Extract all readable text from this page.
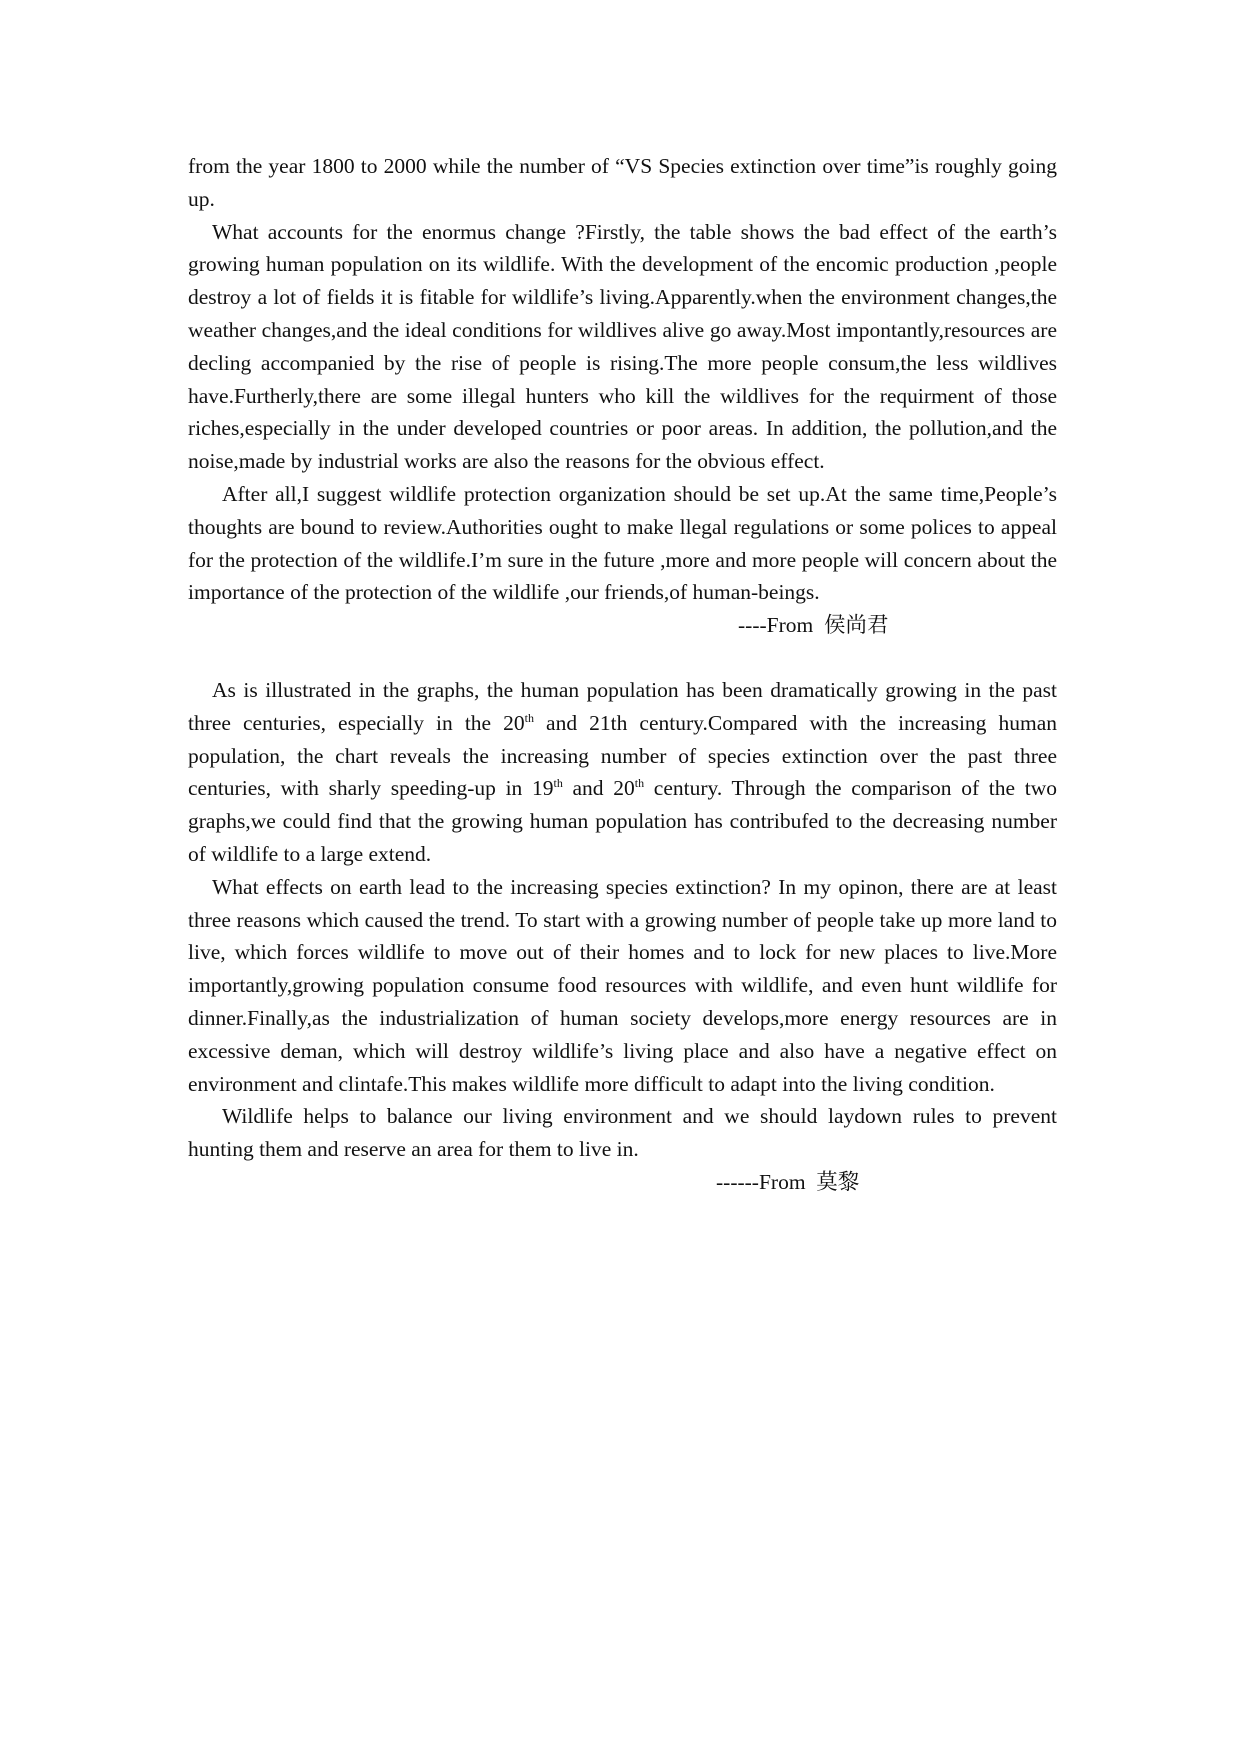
from the year 1800 to 2000 while the number of “VS Species extinction over time”is roughly going up.

What accounts for the enormus change ?Firstly, the table shows the bad effect of the earth’s growing human population on its wildlife. With the development of the encomic production ,people destroy a lot of fields it is fitable for wildlife’s living.Apparently.when the environment changes,the weather changes,and the ideal conditions for wildlives alive go away.Most impontantly,resources are decling accompanied by the rise of people is rising.The more people consum,the less wildlives have.Furtherly,there are some illegal hunters who kill the wildlives for the requirment of those riches,especially in the under developed countries or poor areas. In addition, the pollution,and the noise,made by industrial works are also the reasons for the obvious effect.

After all,I suggest wildlife protection organization should be set up.At the same time,People’s thoughts are bound to review.Authorities ought to make llegal regulations or some polices to appeal for the protection of the wildlife.I’m sure in the future ,more and more people will concern about the importance of the protection of the wildlife ,our friends,of human-beings.

----From  侯尚君

As is illustrated in the graphs, the human population has been dramatically growing in the past three centuries, especially in the 20th and 21th century.Compared with the increasing human population, the chart reveals the increasing number of species extinction over the past three centuries, with sharly speeding-up in 19th and 20th century. Through the comparison of the two graphs,we could find that the growing human population has contribufed to the decreasing number of wildlife to a large extend.

What effects on earth lead to the increasing species extinction? In my opinon, there are at least three reasons which caused the trend. To start with a growing number of people take up more land to live, which forces wildlife to move out of their homes and to lock for new places to live.More importantly,growing population consume food resources with wildlife, and even hunt wildlife for dinner.Finally,as the industrialization of human society develops,more energy resources are in excessive deman, which will destroy wildlife’s living place and also have a negative effect on environment and clintafe.This makes wildlife more difficult to adapt into the living condition.

Wildlife helps to balance our living environment and we should laydown rules to prevent hunting them and reserve an area for them to live in.

------From  莫黎
